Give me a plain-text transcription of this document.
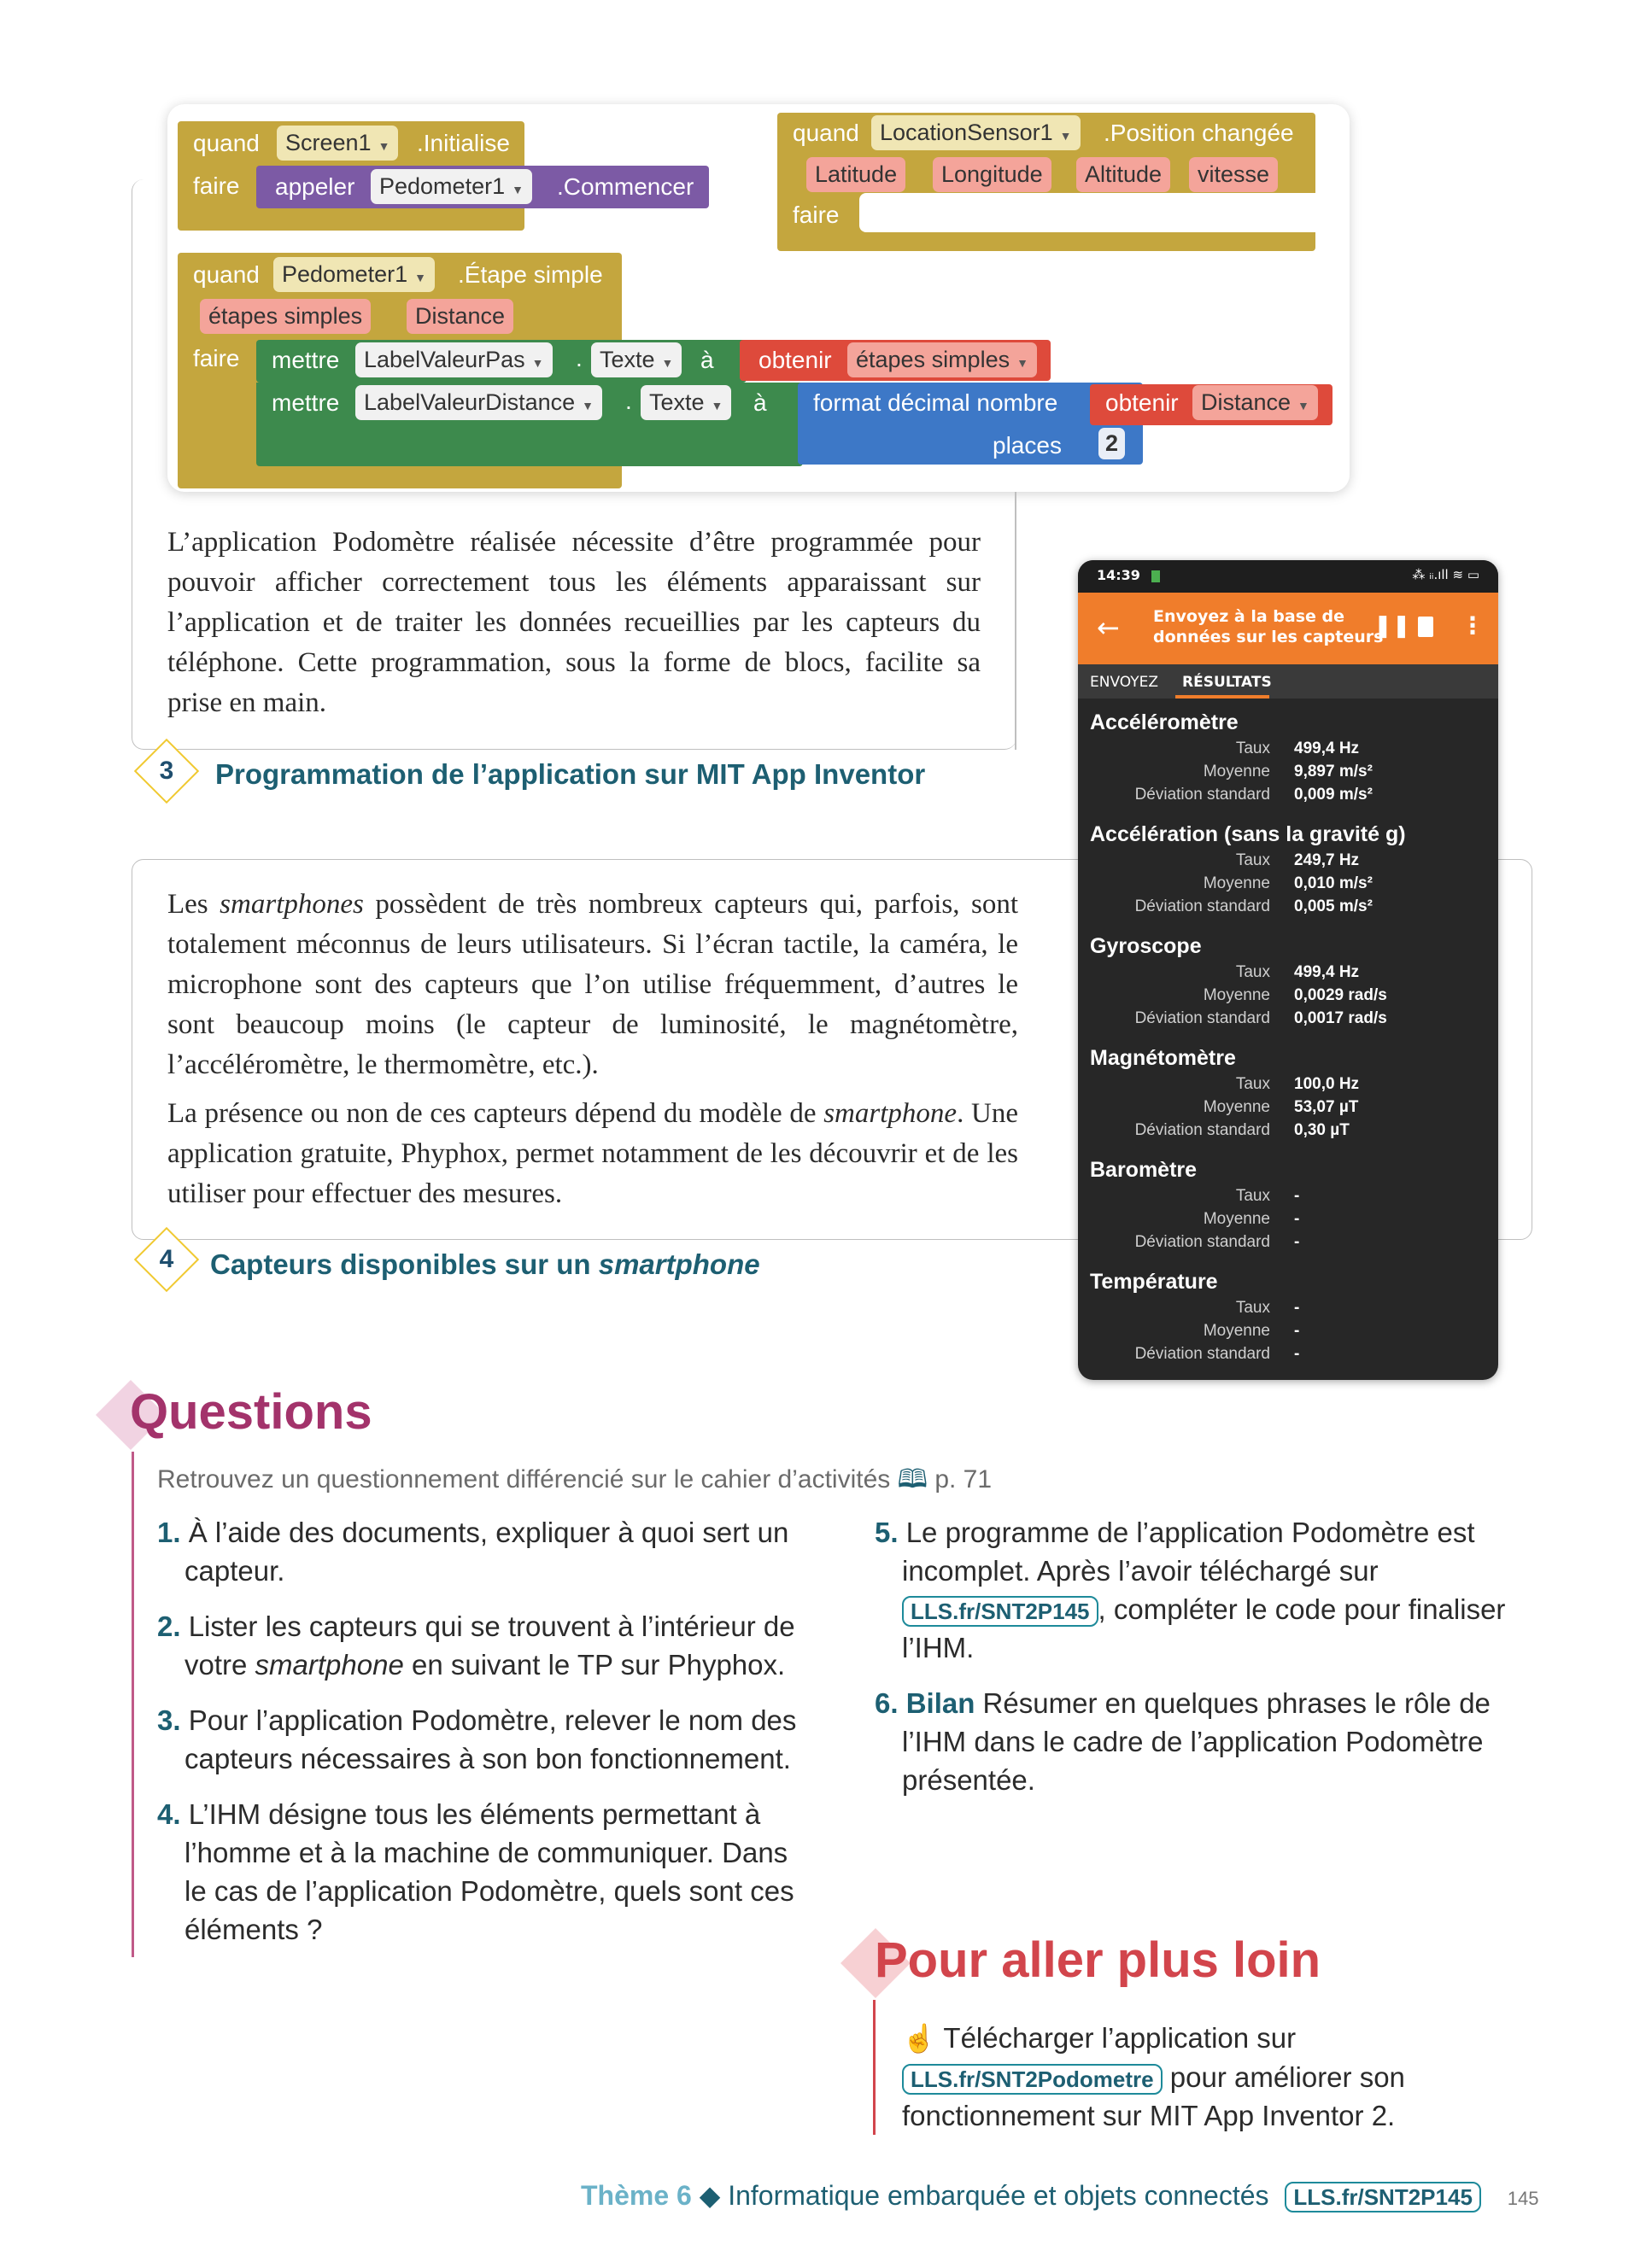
quand	Screen1 ▼	.Initialise
faire appeler	Pedometer1 ▼	.Commencer
quand LocationSensor1 ▼	.Position changée
Latitude	Longitude	Altitude	vitesse
faire
quand Pedometer1 ▼	.Étape simple
étapes simples	Distance
faire mettre	LabelValeurPas ▼	. Texte ▼	à obtenir	étapes simples ▼
mettre	LabelValeurDistance ▼	. Texte ▼	à format décimal nombre obtenir Distance ▼
places 2

L’application Podomètre réalisée nécessite d’être programmée pour pouvoir afficher correctement tous les éléments apparaissant sur l’application et de traiter les données recueillies par les capteurs du téléphone. Cette programmation, sous la forme de blocs, facilite sa prise en main.

3	Programmation de l’application sur MIT App Inventor

Les smartphones possèdent de très nombreux capteurs qui, parfois, sont totalement méconnus de leurs utilisateurs. Si l’écran tactile, la caméra, le microphone sont des capteurs que l’on utilise fréquemment, d’autres le sont beaucoup moins (le capteur de luminosité, le magnétomètre, l’accéléromètre, le thermomètre, etc.).

La présence ou non de ces capteurs dépend du modèle de smartphone. Une application gratuite, Phyphox, permet notamment de les découvrir et de les utiliser pour effectuer des mesures.

4	Capteurs disponibles sur un smartphone
14:39	⁂ ᵢᵢ.ıll ≋ ▭
← Envoyez à la base de
données sur les capteurs
❚❚ ⋮
ENVOYEZ RÉSULTATS
Accéléromètre
Taux 499,4 Hz
Moyenne 9,897 m/s²
Déviation standard 0,009 m/s²
Accélération (sans la gravité g)
Taux 249,7 Hz
Moyenne 0,010 m/s²
Déviation standard 0,005 m/s²
Gyroscope
Taux 499,4 Hz
Moyenne 0,0029 rad/s
Déviation standard 0,0017 rad/s
Magnétomètre
Taux 100,0 Hz
Moyenne 53,07 µT
Déviation standard 0,30 µT
Baromètre
Taux -
Moyenne -
Déviation standard -
Température
Taux -
Moyenne -
Déviation standard -
Questions
Retrouvez un questionnement différencié sur le cahier d’activités 🕮 p. 71
1. À l’aide des documents, expliquer à quoi sert un capteur.
2. Lister les capteurs qui se trouvent à l’intérieur de votre smartphone en suivant le TP sur Phyphox.
3. Pour l’application Podomètre, relever le nom des capteurs nécessaires à son bon fonctionnement.
4. L’IHM désigne tous les éléments permettant à l’homme et à la machine de communiquer. Dans le cas de l’application Podomètre, quels sont ces éléments ?
5. Le programme de l’application Podomètre est incomplet. Après l’avoir téléchargé sur LLS.fr/SNT2P145 , compléter le code pour finaliser l’IHM.
6. Bilan Résumer en quelques phrases le rôle de l’IHM dans le cadre de l’application Podomètre présentée.
Pour aller plus loin
☝ Télécharger l’application sur
LLS.fr/SNT2Podometre pour améliorer son fonctionnement sur MIT App Inventor 2.
Thème 6 ◆ Informatique embarquée et objets connectés LLS.fr/SNT2P145 145
